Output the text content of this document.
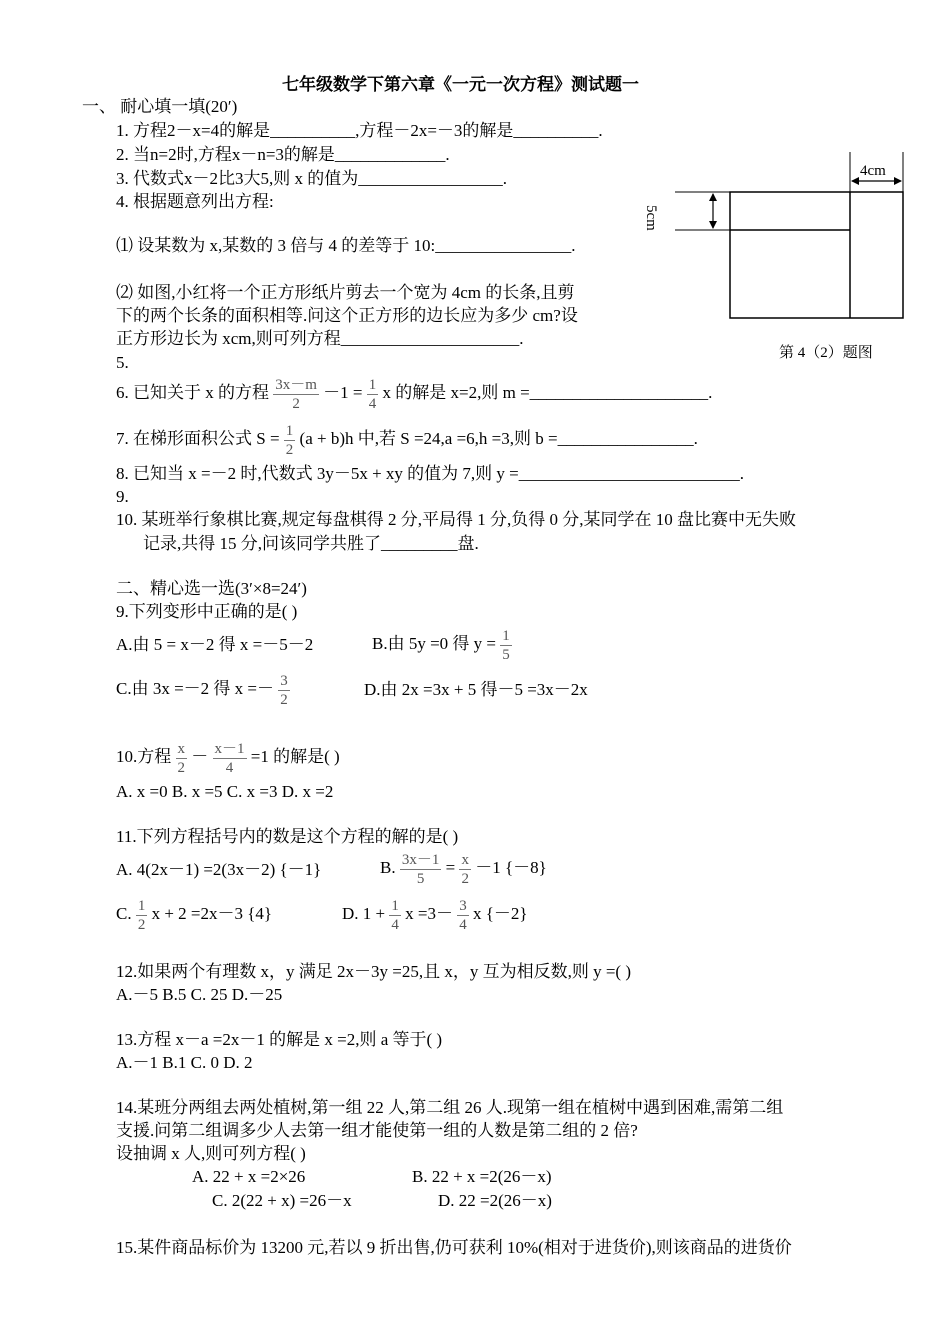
七年级数学下第六章《一元一次方程》测试题一
一、 耐心填一填(20′)
1. 方程2－x=4的解是__________,方程－2x=－3的解是__________.
2. 当n=2时,方程x－n=3的解是_____________.
3. 代数式x－2比3大5,则 x 的值为_________________.
4. 根据题意列出方程:
⑴ 设某数为 x,某数的 3 倍与 4 的差等于 10:________________.
⑵ 如图,小红将一个正方形纸片剪去一个宽为 4cm 的长条,且剪
下的两个长条的面积相等.问这个正方形的边长应为多少 cm?设
正方形边长为 xcm,则可列方程_____________________.
5.
6. 已知关于 x 的方程 $\frac{3x-m}{2} -1 = \frac{1}{4}$ x 的解是 x=2,则 m =_____________________.
7. 在梯形面积公式 $S = \frac{1}{2} (a + b)h$ 中,若 S =24,a =6,h =3,则 b =________________.
8. 已知当 x =－2 时,代数式 3y－5x + xy 的值为 7,则 y =__________________________.
9.
10. 某班举行象棋比赛,规定每盘棋得 2 分,平局得 1 分,负得 0 分,某同学在 10 盘比赛中无失败
记录,共得 15 分,问该同学共胜了_________盘.
4cm
5cm
第 4（2）题图
二、精心选一选(3′×8=24′)
9.下列变形中正确的是( )
A.由 5 = x－2 得 x =－5－2	B.由 5y =0 得 $y = \frac{1}{5}$
C.由 3x =－2 得 $x =- \frac{3}{2}$	D.由 2x =3x + 5 得－5 =3x－2x
10.方程 $\frac{x}{2} - \frac{x-1}{4} =1$ 的解是( )
A. x =0 B. x =5 C. x =3 D. x =2
11.下列方程括号内的数是这个方程的解的是( )
A. 4(2x－1) =2(3x－2) {－1}	B. $\frac{3x-1}{5} = \frac{x}{2} -1$ {－8}
C. $\frac{1}{2}$ x + 2 =2x－3 {4}	D. $1 + \frac{1}{4}$ $x =3- \frac{3}{4}$ x {－2}
12.如果两个有理数 x，y 满足 2x－3y =25,且 x，y 互为相反数,则 y =( )
A.－5 B.5 C. 25 D.－25
13.方程 x－a =2x－1 的解是 x =2,则 a 等于( )
A.－1 B.1 C. 0 D. 2
14.某班分两组去两处植树,第一组 22 人,第二组 26 人.现第一组在植树中遇到困难,需第二组
支援.问第二组调多少人去第一组才能使第一组的人数是第二组的 2 倍?
设抽调 x 人,则可列方程( )
A. 22 + x =2×26	B. 22 + x =2(26－x)
C. 2(22 + x) =26－x	D. 22 =2(26－x)
15.某件商品标价为 13200 元,若以 9 折出售,仍可获利 10%(相对于进货价),则该商品的进货价
